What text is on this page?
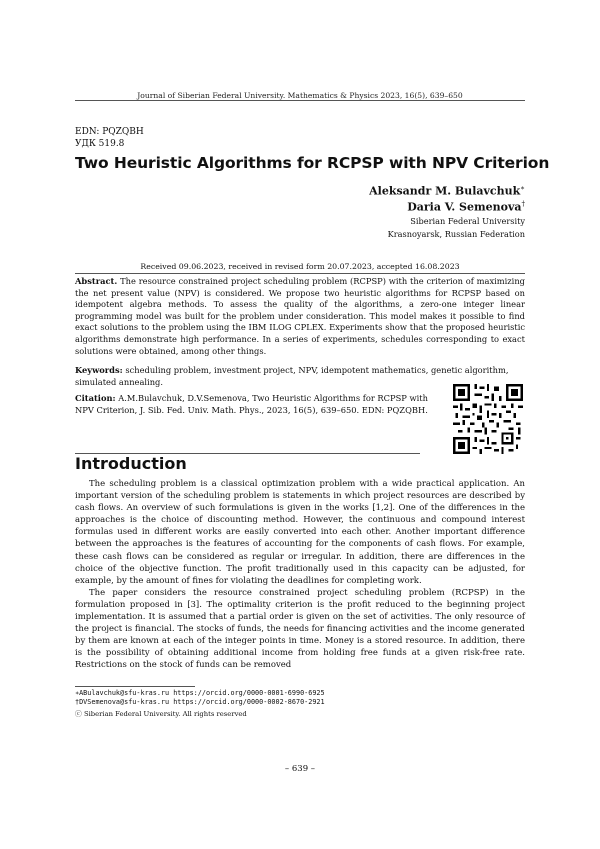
Journal of Siberian Federal University. Mathematics & Physics 2023, 16(5), 639–650
EDN: PQZQBH
УДК 519.8
Two Heuristic Algorithms for RCPSP with NPV Criterion
Aleksandr M. Bulavchuk∗
Daria V. Semenova†
Siberian Federal University
Krasnoyarsk, Russian Federation
Received 09.06.2023, received in revised form 20.07.2023, accepted 16.08.2023
Abstract. The resource constrained project scheduling problem (RCPSP) with the criterion of maximizing the net present value (NPV) is considered. We propose two heuristic algorithms for RCPSP based on idempotent algebra methods. To assess the quality of the algorithms, a zero-one integer linear programming model was built for the problem under consideration. This model makes it possible to find exact solutions to the problem using the IBM ILOG CPLEX. Experiments show that the proposed heuristic algorithms demonstrate high performance. In a series of experiments, schedules corresponding to exact solutions were obtained, among other things.
Keywords: scheduling problem, investment project, NPV, idempotent mathematics, genetic algorithm, simulated annealing.
Citation: A.M.Bulavchuk, D.V.Semenova, Two Heuristic Algorithms for RCPSP with NPV Criterion, J. Sib. Fed. Univ. Math. Phys., 2023, 16(5), 639–650. EDN: PQZQBH.
Introduction

The scheduling problem is a classical optimization problem with a wide practical application. An important version of the scheduling problem is statements in which project resources are described by cash flows. An overview of such formulations is given in the works [1,2]. One of the differences in the approaches is the choice of discounting method. However, the continuous and compound interest formulas used in different works are easily converted into each other. Another important difference between the approaches is the features of accounting for the components of cash flows. For example, these cash flows can be considered as regular or irregular. In addition, there are differences in the choice of the objective function. The profit traditionally used in this capacity can be adjusted, for example, by the amount of fines for violating the deadlines for completing work.

The paper considers the resource constrained project scheduling problem (RCPSP) in the formulation proposed in [3]. The optimality criterion is the profit reduced to the beginning project implementation. It is assumed that a partial order is given on the set of activities. The only resource of the project is financial. The stocks of funds, the needs for financing activities and the income generated by them are known at each of the integer points in time. Money is a stored resource. In addition, there is the possibility of obtaining additional income from holding free funds at a given risk-free rate. Restrictions on the stock of funds can be removed

∗ABulavchuk@sfu-kras.ru https://orcid.org/0000-0001-6990-6925
†DVSemenova@sfu-kras.ru https://orcid.org/0000-0002-8670-2921
ⓒ Siberian Federal University. All rights reserved
– 639 –
